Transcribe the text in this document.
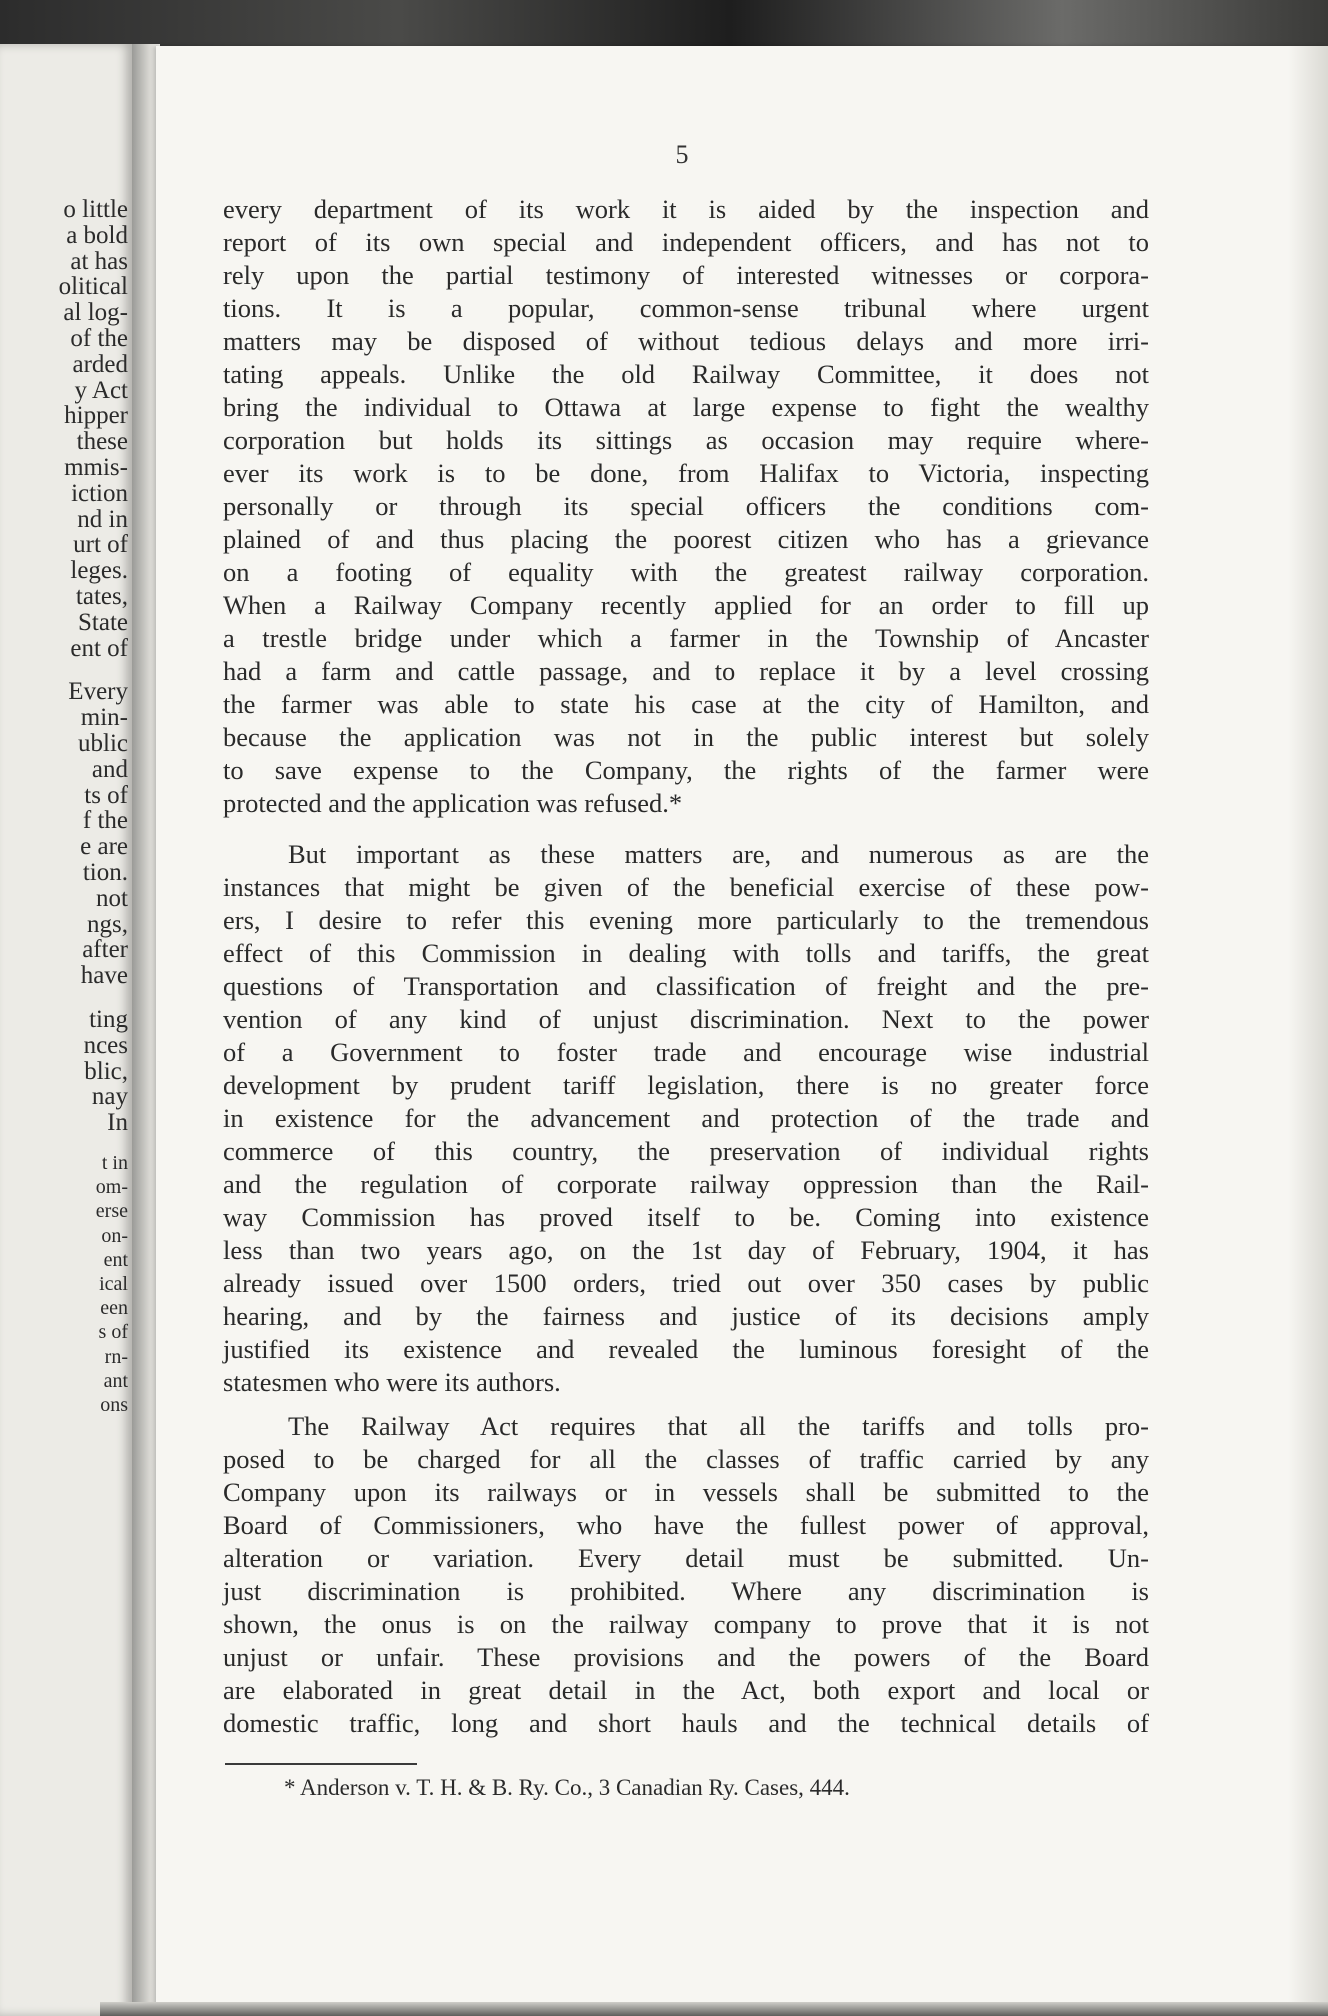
o little
a bold
at has
olitical
al log-
of the
arded
y Act
hipper
these
mmis-
iction
nd in
urt of
leges.
tates,
State
ent of
Every
min-
ublic
and
ts of
f the
e are
tion.
not
ngs,
after
have
ting
nces
blic,
nay
In
t in
om-
erse
on-
ent
ical
een
s of
rn-
ant
ons
5
every department of its work it is aided by the inspection and
report of its own special and independent officers, and has not to
rely upon the partial testimony of interested witnesses or corpora-
tions. It is a popular, common-sense tribunal where urgent
matters may be disposed of without tedious delays and more irri-
tating appeals. Unlike the old Railway Committee, it does not
bring the individual to Ottawa at large expense to fight the wealthy
corporation but holds its sittings as occasion may require where-
ever its work is to be done, from Halifax to Victoria, inspecting
personally or through its special officers the conditions com-
plained of and thus placing the poorest citizen who has a grievance
on a footing of equality with the greatest railway corporation.
When a Railway Company recently applied for an order to fill up
a trestle bridge under which a farmer in the Township of Ancaster
had a farm and cattle passage, and to replace it by a level crossing
the farmer was able to state his case at the city of Hamilton, and
because the application was not in the public interest but solely
to save expense to the Company, the rights of the farmer were
protected and the application was refused.*
But important as these matters are, and numerous as are the
instances that might be given of the beneficial exercise of these pow-
ers, I desire to refer this evening more particularly to the tremendous
effect of this Commission in dealing with tolls and tariffs, the great
questions of Transportation and classification of freight and the pre-
vention of any kind of unjust discrimination. Next to the power
of a Government to foster trade and encourage wise industrial
development by prudent tariff legislation, there is no greater force
in existence for the advancement and protection of the trade and
commerce of this country, the preservation of individual rights
and the regulation of corporate railway oppression than the Rail-
way Commission has proved itself to be. Coming into existence
less than two years ago, on the 1st day of February, 1904, it has
already issued over 1500 orders, tried out over 350 cases by public
hearing, and by the fairness and justice of its decisions amply
justified its existence and revealed the luminous foresight of the
statesmen who were its authors.
The Railway Act requires that all the tariffs and tolls pro-
posed to be charged for all the classes of traffic carried by any
Company upon its railways or in vessels shall be submitted to the
Board of Commissioners, who have the fullest power of approval,
alteration or variation. Every detail must be submitted. Un-
just discrimination is prohibited. Where any discrimination is
shown, the onus is on the railway company to prove that it is not
unjust or unfair. These provisions and the powers of the Board
are elaborated in great detail in the Act, both export and local or
domestic traffic, long and short hauls and the technical details of
* Anderson v. T. H. & B. Ry. Co., 3 Canadian Ry. Cases, 444.
